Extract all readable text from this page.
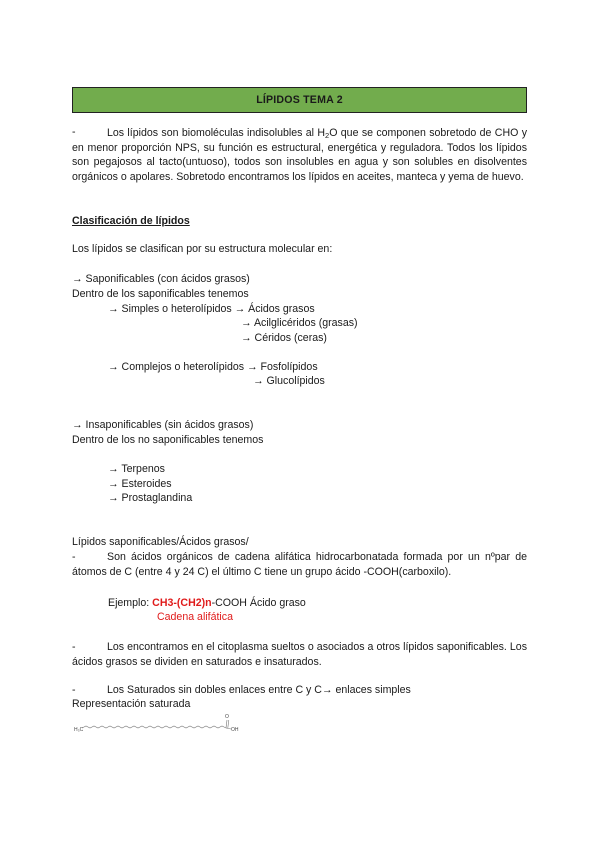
LÍPIDOS TEMA 2
-	Los lípidos son biomoléculas indisolubles al $H_2O$ que se componen sobretodo de CHO y en menor proporción NPS, su función es estructural, energética y reguladora. Todos los lípidos son pegajosos al tacto(untuoso), todos son insolubles en agua y son solubles en disolventes orgánicos o apolares. Sobretodo encontramos los lípidos en aceites, manteca y yema de huevo.
Clasificación de lípidos
Los lípidos se clasifican por su estructura molecular en:
→ Saponificables (con ácidos grasos)
Dentro de los saponificables tenemos
→ Simples o heterolípidos → Ácidos grasos
→ Acilglicéridos (grasas)
→ Céridos (ceras)
→ Complejos o heterolípidos → Fosfolípidos
→ Glucolípidos
→ Insaponificables (sin ácidos grasos)
Dentro de los no saponificables tenemos
→ Terpenos
→ Esteroides
→ Prostaglandina
Lípidos saponificables/Ácidos grasos/
-	Son ácidos orgánicos de cadena alifática hidrocarbonatada formada por un nºpar de átomos de C (entre 4 y 24 C) el último C tiene un grupo ácido -COOH(carboxilo).
Ejemplo: CH3-(CH2)n-COOH Ácido graso
Cadena alifática
-	Los encontramos en el citoplasma sueltos o asociados a otros lípidos saponificables. Los ácidos grasos se dividen en saturados e insaturados.
-	Los Saturados sin dobles enlaces entre C y C→ enlaces simples
Representación saturada
H₃C
O
OH
